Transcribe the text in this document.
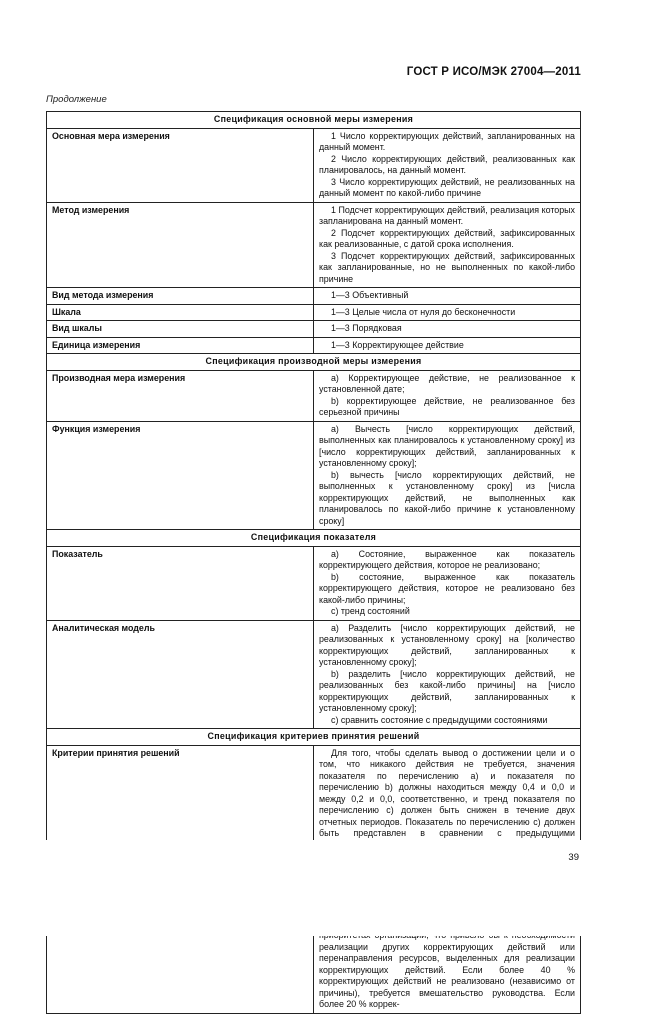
ГОСТ Р ИСО/МЭК 27004—2011
Продолжение
Спецификация основной меры измерения	
Основная мера измерения	1 Число корректирующих действий, запланированных на данный момент.

2 Число корректирующих действий, реализованных как планировалось, на данный момент.

3 Число корректирующих действий, не реализованных на данный момент по какой-либо причине

Метод измерения	1 Подсчет корректирующих действий, реализация которых запланирована на данный момент.

2 Подсчет корректирующих действий, зафиксированных как реализованные, с датой срока исполнения.

3 Подсчет корректирующих действий, зафиксированных как запланированные, но не выполненных по какой-либо причине

Вид метода измерения	1—3 Объективный

Шкала	1—3 Целые числа от нуля до бесконечности

Вид шкалы	1—3 Порядковая

Единица измерения	1—3 Корректирующее действие

Спецификация производной меры измерения	
Производная мера измерения	a) Корректирующее действие, не реализованное к установленной дате;

b) корректирующее действие, не реализованное без серьезной причины

Функция измерения	a) Вычесть [число корректирующих действий, выполненных как планировалось к установленному сроку] из [число корректирующих действий, запланированных к установленному сроку];

b) вычесть [число корректирующих действий, не выполненных к установленному сроку] из [числа корректирующих действий, не выполненных как планировалось по какой-либо причине к установленному сроку]

Спецификация показателя	
Показатель	a) Состояние, выраженное как показатель корректирующего действия, которое не реализовано;

b) состояние, выраженное как показатель корректирующего действия, которое не реализовано без какой-либо причины;

c) тренд состояний

Аналитическая модель	a) Разделить [число корректирующих действий, не реализованных к установленному сроку] на [количество корректирующих действий, запланированных к установленному сроку];

b) разделить [число корректирующих действий, не реализованных без какой-либо причины] на [число корректирующих действий, запланированных к установленному сроку];

c) сравнить состояние с предыдущими состояниями

Спецификация критериев принятия решений	
Критерии принятия решений	Для того, чтобы сделать вывод о достижении цели и о том, что никакого действия не требуется, значения показателя по перечислению a) и показателя по перечислению b) должны находиться между 0,4 и 0,0 и между 0,2 и 0,0, соответственно, и тренд показателя по перечислению c) должен быть снижен в течение двух отчетных периодов. Показатель по перечислению c) должен быть представлен в сравнении с предыдущими

реализации других корректирующих действий или перенаправления ресурсов, выделенных для реализации корректирующих действий. Если более 40 % корректирующих действий не реализовано (независимо от причины), требуется вмешательство руководства. Если более 20 % коррек-

39
